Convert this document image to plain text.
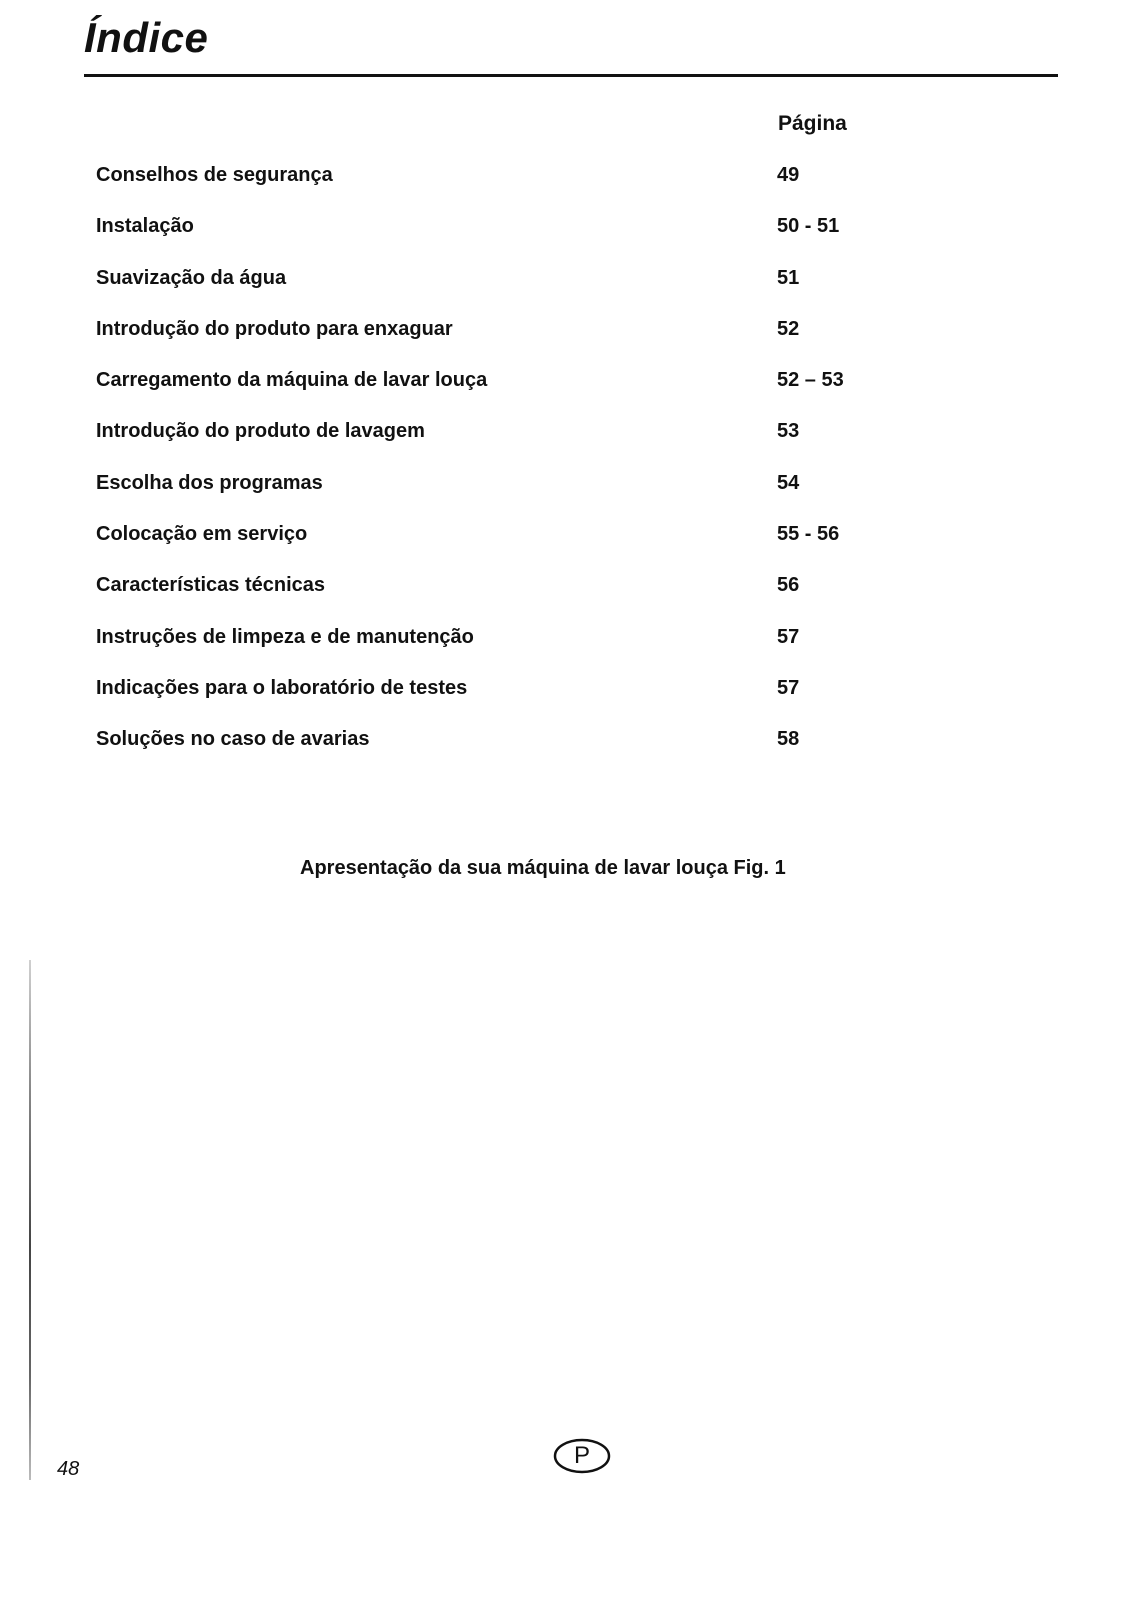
Índice
Página
Conselhos de segurança	49
Instalação	50 - 51
Suavização da água	51
Introdução do produto para enxaguar	52
Carregamento da máquina de lavar louça	52 – 53
Introdução do produto de lavagem	53
Escolha dos programas	54
Colocação em serviço	55 - 56
Características técnicas	56
Instruções de limpeza e de manutenção	57
Indicações para o laboratório de testes	57
Soluções no caso de avarias	58
Apresentação da sua máquina de lavar louça Fig. 1
48	P
